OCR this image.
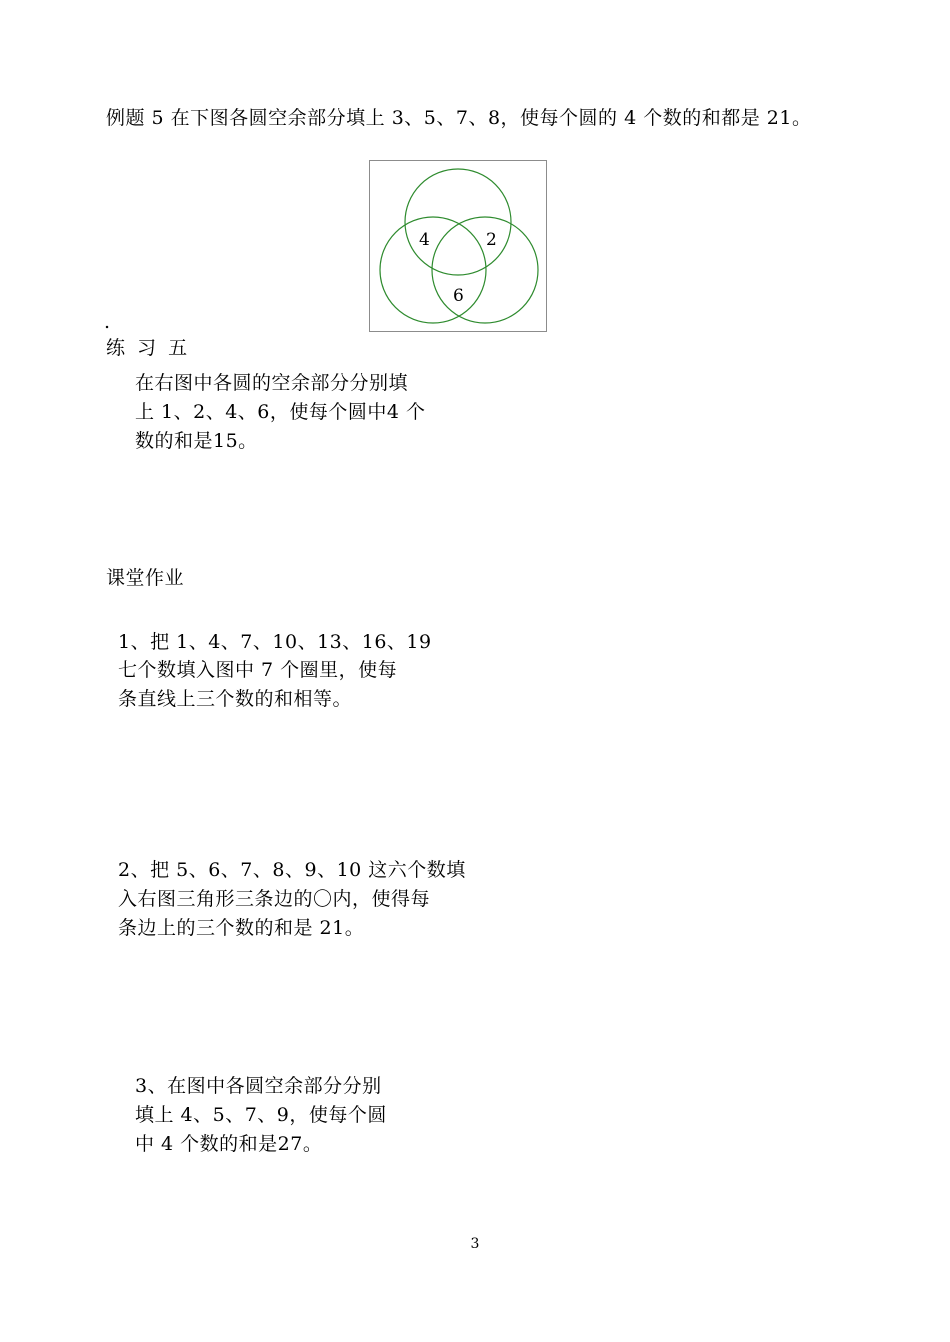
例题 5 在下图各圆空余部分填上 3、5、7、8，使每个圆的 4 个数的和都是 21。
4	2
6
.
练 习 五
在右图中各圆的空余部分分别填
上 1、2、4、6，使每个圆中4 个
数的和是15。
课堂作业
1、把 1、4、7、10、13、16、19
七个数填入图中 7 个圈里，使每
条直线上三个数的和相等。
2、把 5、6、7、8、9、10 这六个数填
入右图三角形三条边的〇内，使得每
条边上的三个数的和是 21。
3、在图中各圆空余部分分别
填上 4、5、7、9，使每个圆
中 4 个数的和是27。
3
